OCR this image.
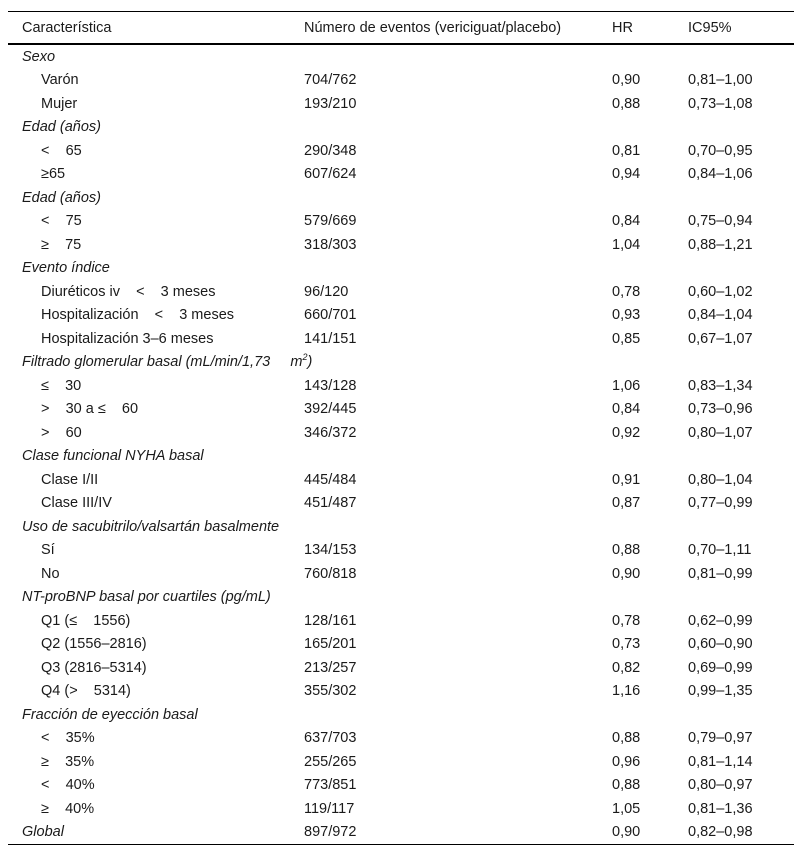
Característica	Número de eventos (vericiguat/placebo)	HR	IC95%
Sexo			
Varón	704/762	0,90	0,81–1,00
Mujer	193/210	0,88	0,73–1,08
Edad (años)			
<    65	290/348	0,81	0,70–0,95
≥65	607/624	0,94	0,84–1,06
Edad (años)			
<    75	579/669	0,84	0,75–0,94
≥    75	318/303	1,04	0,88–1,21
Evento índice			
Diuréticos iv    <    3 meses	96/120	0,78	0,60–1,02
Hospitalización    <    3 meses	660/701	0,93	0,84–1,04
Hospitalización 3–6 meses	141/151	0,85	0,67–1,07
Filtrado glomerular basal (mL/min/1,73     $m^2$)			
≤    30	143/128	1,06	0,83–1,34
>    30 a ≤    60	392/445	0,84	0,73–0,96
>    60	346/372	0,92	0,80–1,07
Clase funcional NYHA basal			
Clase I/II	445/484	0,91	0,80–1,04
Clase III/IV	451/487	0,87	0,77–0,99
Uso de sacubitrilo/valsartán basalmente			
Sí	134/153	0,88	0,70–1,11
No	760/818	0,90	0,81–0,99
NT-proBNP basal por cuartiles (pg/mL)			
Q1 (≤    1556)	128/161	0,78	0,62–0,99
Q2 (1556–2816)	165/201	0,73	0,60–0,90
Q3 (2816–5314)	213/257	0,82	0,69–0,99
Q4 (>    5314)	355/302	1,16	0,99–1,35
Fracción de eyección basal			
<    35%	637/703	0,88	0,79–0,97
≥    35%	255/265	0,96	0,81–1,14
<    40%	773/851	0,88	0,80–0,97
≥    40%	119/117	1,05	0,81–1,36
Global	897/972	0,90	0,82–0,98
